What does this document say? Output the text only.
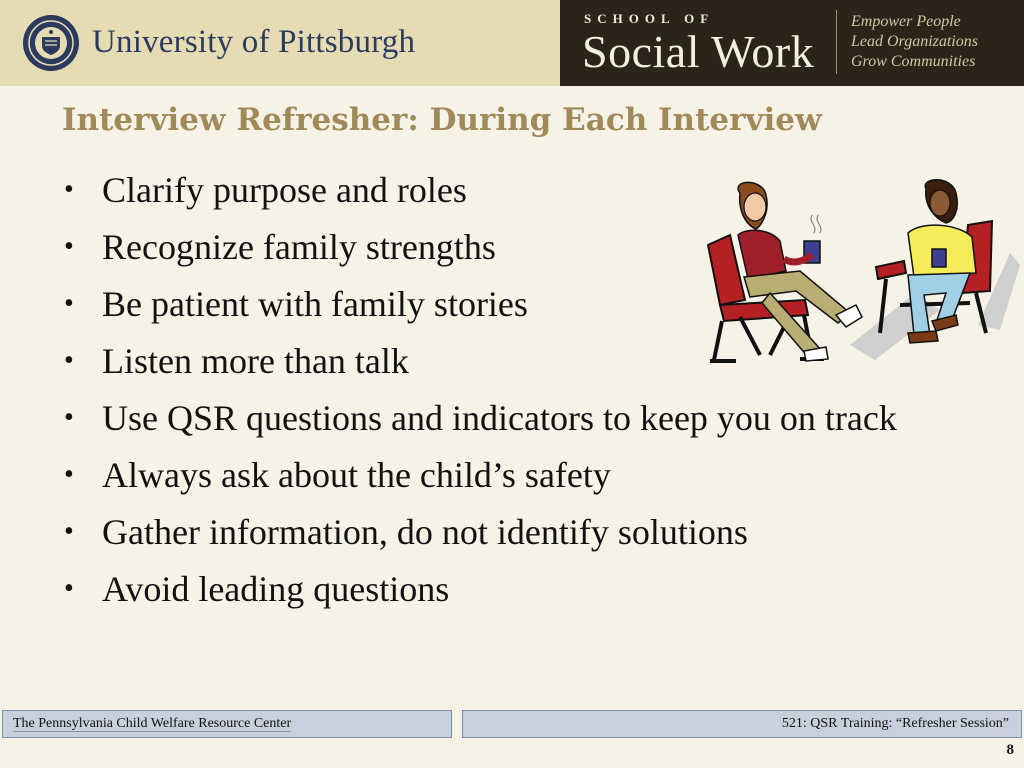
University of Pittsburgh
SCHOOL OF
Social Work
Empower People
Lead Organizations
Grow Communities
Interview Refresher: During Each Interview
• Clarify purpose and roles
• Recognize family strengths
• Be patient with family stories
• Listen more than talk
• Use QSR questions and indicators to keep you on track
• Always ask about the child’s safety
• Gather information, do not identify solutions
• Avoid leading questions
The Pennsylvania Child Welfare Resource Center	521: QSR Training: “Refresher Session”
8
